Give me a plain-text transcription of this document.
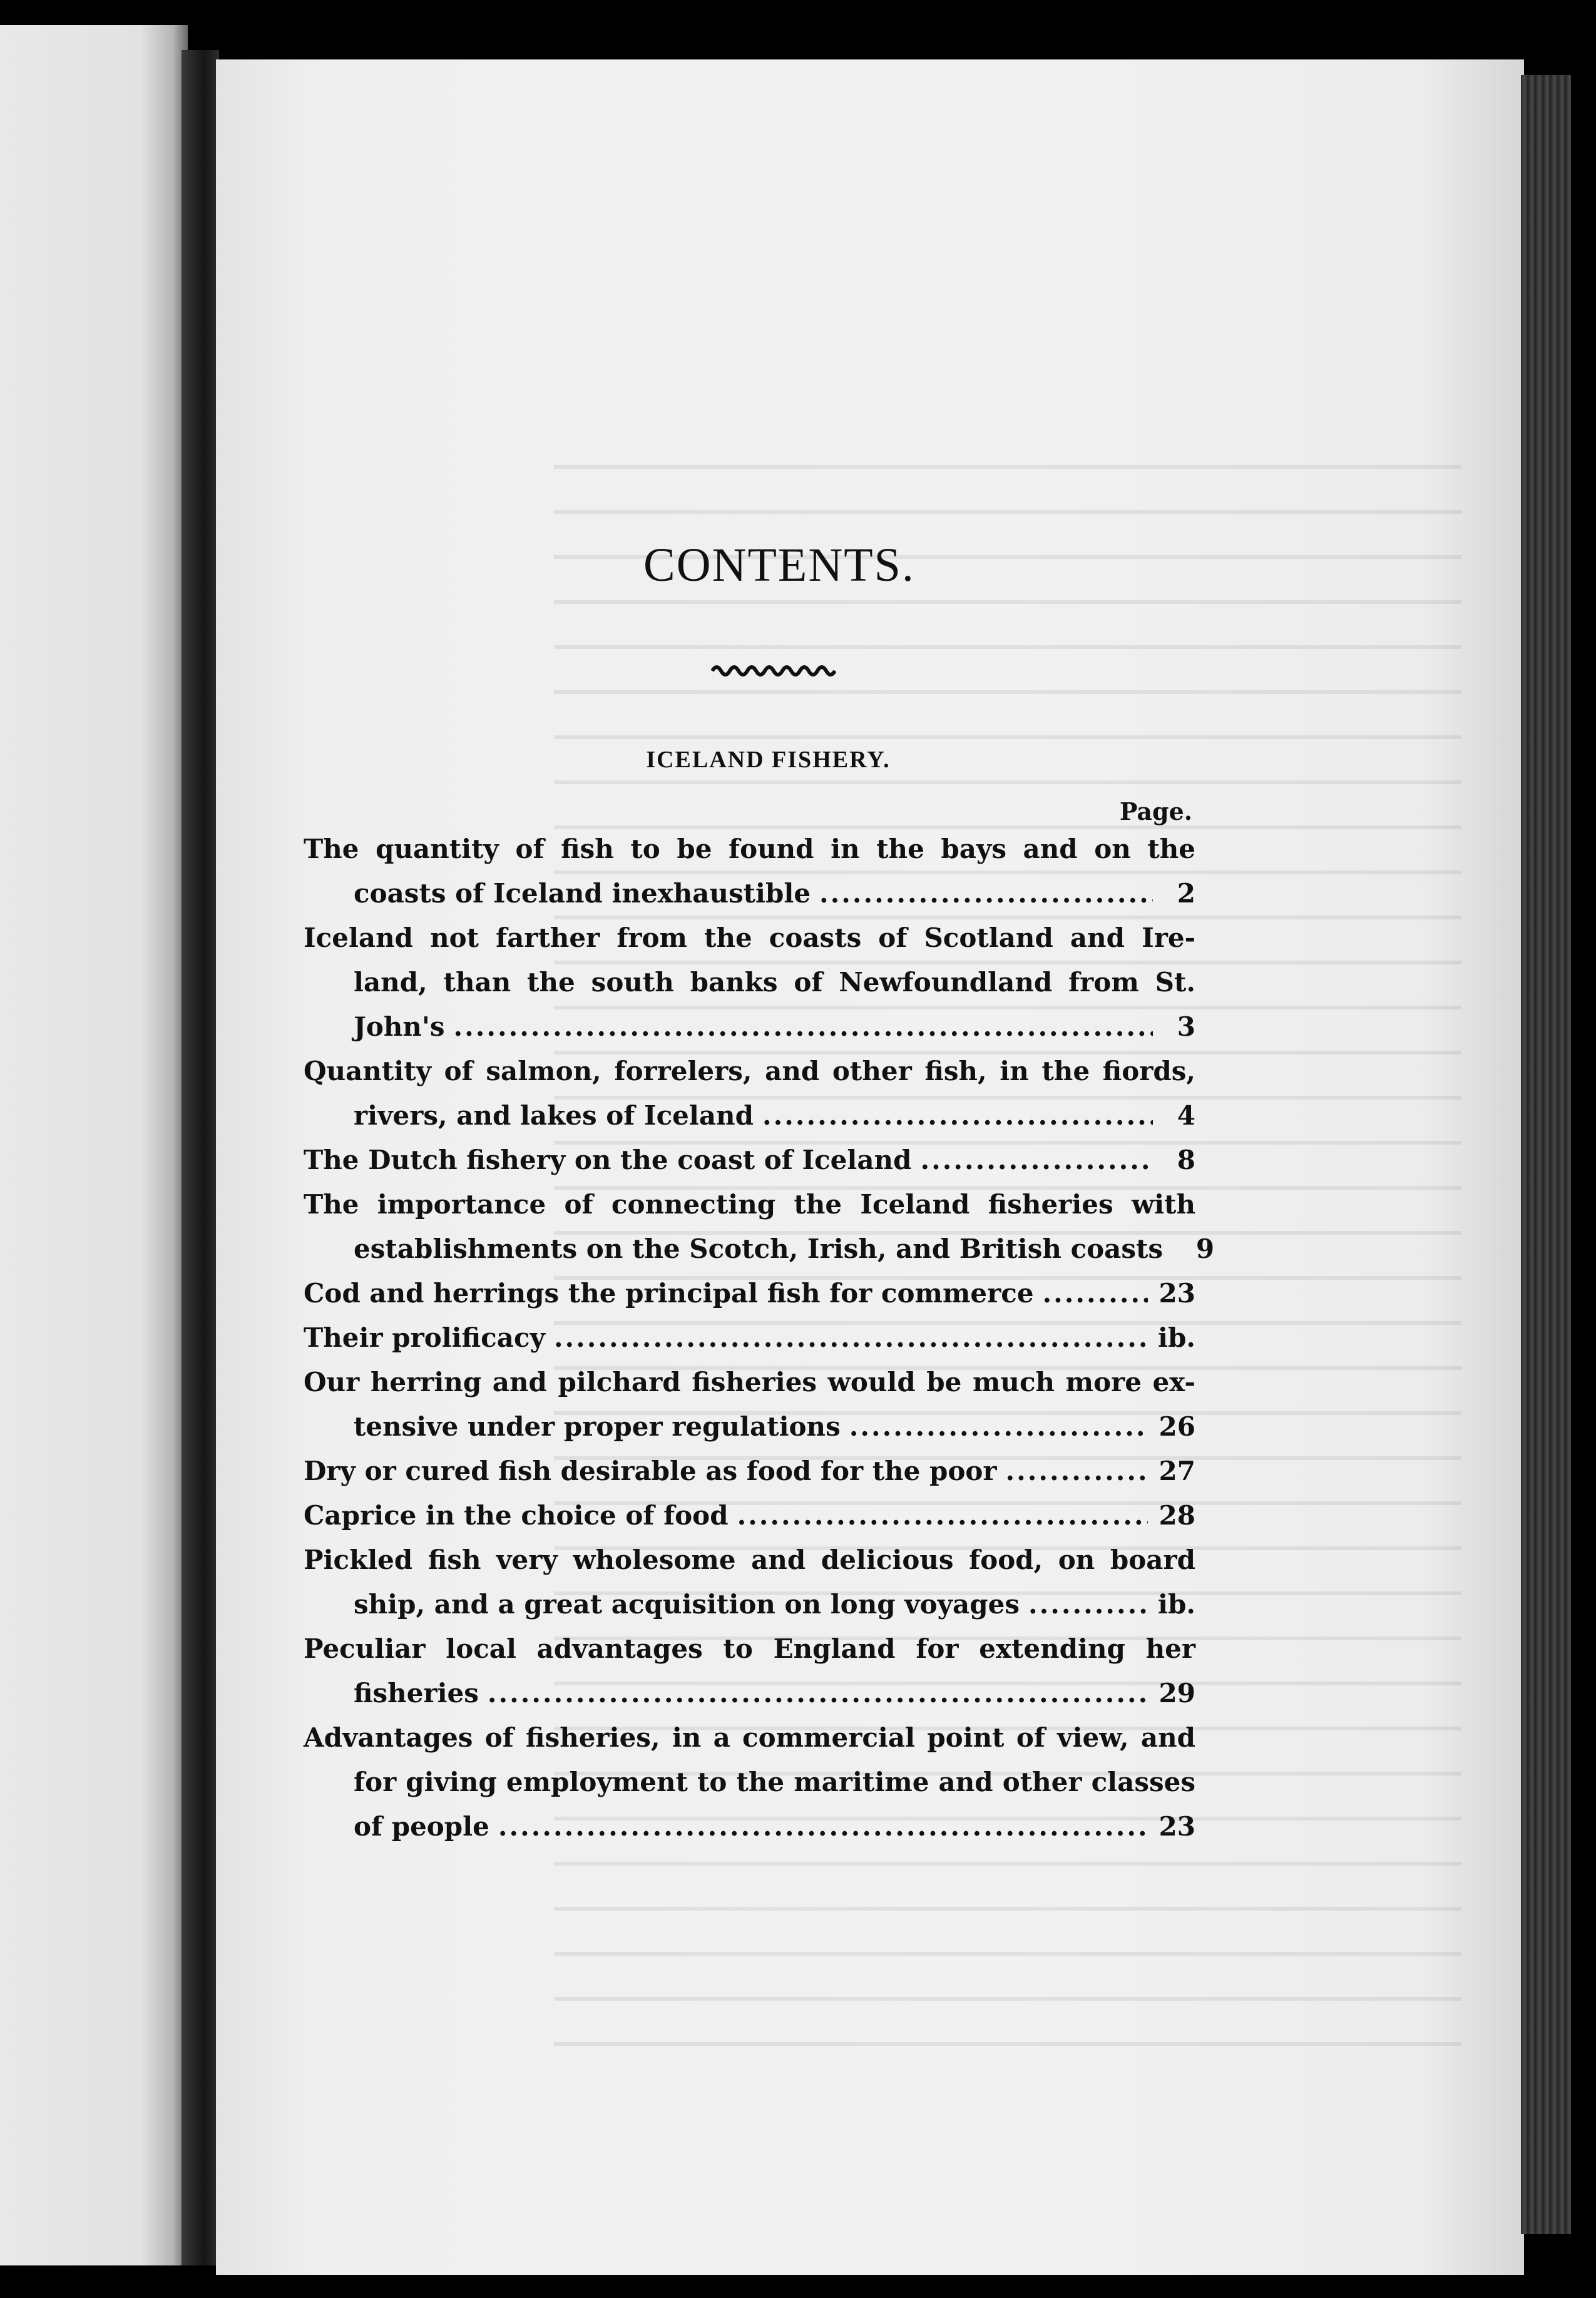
CONTENTS.
ICELAND FISHERY.
Page.
The quantity of fish to be found in the bays and on the
coasts of Iceland inexhaustible .....	2
Iceland not farther from the coasts of Scotland and Ire-
land, than the south banks of Newfoundland from St.
John's .....	3
Quantity of salmon, forrelers, and other fish, in the fiords,
rivers, and lakes of Iceland .....	4
The Dutch fishery on the coast of Iceland .....	8
The importance of connecting the Iceland fisheries with
establishments on the Scotch, Irish, and British coasts	9
Cod and herrings the principal fish for commerce .....	23
Their prolificacy .....	ib.
Our herring and pilchard fisheries would be much more ex-
tensive under proper regulations .....	26
Dry or cured fish desirable as food for the poor .....	27
Caprice in the choice of food .....	28
Pickled fish very wholesome and delicious food, on board
ship, and a great acquisition on long voyages .....	ib.
Peculiar local advantages to England for extending her
fisheries .....	29
Advantages of fisheries, in a commercial point of view, and
for giving employment to the maritime and other classes
of people .....	23
